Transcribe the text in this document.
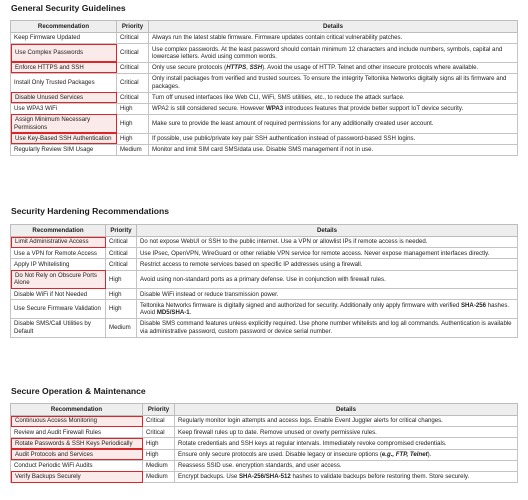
General Security Guidelines
Recommendation	Priority	Details
Keep Firmware Updated	Critical	Always run the latest stable firmware. Firmware updates contain critical vulnerability patches.
Use Complex Passwords	Critical	Use complex passwords. At the least password should contain minimum 12 characters and include numbers, symbols, capital and lowercase letters. Avoid using common words.
Enforce HTTPS and SSH	Critical	Only use secure protocols (HTTPS, SSH). Avoid the usage of HTTP. Telnet and other insecure protocols where available.
Install Only Trusted Packages	Critical	Only install packages from verified and trusted sources. To ensure the integrity Teltonika Networks digitally signs all its firmware and packages.
Disable Unused Services	Critical	Turn off unused interfaces like Web CLI, WiFi, SMS utilities, etc., to reduce the attack surface.
Use WPA3 WiFi	High	WPA2 is still considered secure. However WPA3 introduces features that provide better support IoT device security.
Assign Minimum Necessary Permissions	High	Make sure to provide the least amount of required permissions for any additionally created user account.
Use Key-Based SSH Authentication	High	If possible, use public/private key pair SSH authentication instead of password-based SSH logins.
Regularly Review SIM Usage	Medium	Monitor and limit SIM card SMS/data use. Disable SMS management if not in use.
Security Hardening Recommendations
Recommendation	Priority	Details
Limit Administrative Access	Critical	Do not expose WebUI or SSH to the public internet. Use a VPN or allowlist IPs if remote access is needed.
Use a VPN for Remote Access	Critical	Use IPsec, OpenVPN, WireGuard or other reliable VPN service for remote access. Never expose management interfaces directly.
Apply IP Whitelisting	Critical	Restrict access to remote services based on specific IP addresses using a firewall.
Do Not Rely on Obscure Ports Alone	High	Avoid using non-standard ports as a primary defense. Use in conjunction with firewall rules.
Disable WiFi if Not Needed	High	Disable WiFi instead or reduce transmission power.
Use Secure Firmware Validation	High	Teltonika Networks firmware is digitally signed and authorized for security. Additionally only apply firmware with verified SHA-256 hashes. Avoid MD5/SHA-1.
Disable SMS/Call Utilities by Default	Medium	Disable SMS command features unless explicitly required. Use phone number whitelists and log all commands. Authentication is available via administrative password, custom password or device serial number.
Secure Operation & Maintenance
Recommendation	Priority	Details
Continuous Access Monitoring	Critical	Regularly monitor login attempts and access logs. Enable Event Juggler alerts for critical changes.
Review and Audit Firewall Rules	Critical	Keep firewall rules up to date. Remove unused or overly permissive rules.
Rotate Passwords & SSH Keys Periodically	High	Rotate credentials and SSH keys at regular intervals. Immediately revoke compromised credentials.
Audit Protocols and Services	High	Ensure only secure protocols are used. Disable legacy or insecure options (e.g., FTP, Telnet).
Conduct Periodic WiFi Audits	Medium	Reassess SSID use. encryption standards, and user access.
Verify Backups Securely	Medium	Encrypt backups. Use SHA-256/SHA-512 hashes to validate backups before restoring them. Store securely.
